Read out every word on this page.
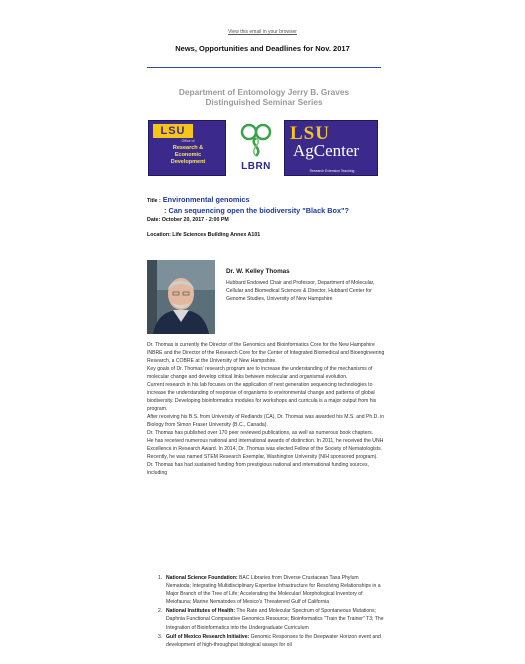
View this email in your browser
News, Opportunities and Deadlines for Nov. 2017
Department of Entomology Jerry B. Graves
Distinguished Seminar Series
LSU
Office of
Research &
Economic
Development	LBRN
LSU
AgCenter
Research Extension Teaching
Title : Environmental genomics
: Can sequencing open the biodiversity "Black Box"?
Date: October 20, 2017 - 2:00 PM
Location: Life Sciences Building Annex A101
Dr. W. Kelley Thomas
Hubbard Endowed Chair and Professor, Department of Molecular, Cellular and Biomedical Sciences & Director, Hubbard Center for Genome Studies, University of New Hampshire

Dr. Thomas is currently the Director of the Genomics and Bioinformatics Core for the New Hampshire INBRE and the Director of the Research Core for the Center of Integrated Biomedical and Bioengineering Research, a COBRE at the University of New Hampshire.

Key goals of Dr. Thomas' research program are to increase the understanding of the mechanisms of molecular change and develop critical links between molecular and organismal evolution.

Current research in his lab focuses on the application of next generation sequencing technologies to increase the understanding of response of organisms to environmental change and patterns of global biodiversity. Developing bioinformatics modules for workshops and curricula is a major output from his program.

After receiving his B.S. from University of Redlands (CA), Dr. Thomas was awarded his M.S. and Ph.D. in Biology from Simon Fraser University (B.C., Canada).

Dr. Thomas has published over 170 peer reviewed publications, as well as numerous book chapters.

He has received numerous national and international awards of distinction. In 2011, he received the UNH Excellence in Research Award. In 2014, Dr. Thomas was elected Fellow of the Society of Nematologists. Recently, he was named STEM Research Exemplar, Washington University (NIH sponsored program).

Dr. Thomas has had sustained funding from prestigious national and international funding sources, including

1. National Science Foundation: BAC Libraries from Diverse Crustacean Taxa Phylum Nematoda; Integrating Multidisciplinary Expertise Infrastructure for Resolving Relationships in a Major Branch of the Tree of Life; Accelerating the Molecular/ Morphological Inventory of Meiofauna; Marine Nematodes of Mexico's Threatened Gulf of California
2. National Institutes of Health: The Rate and Molecular Spectrum of Spontaneous Mutations; Daphnia Functional Comparative Genomics Resource; Bioinformatics "Train the Trainer" T3; The Integration of Bioinformatics into the Undergraduate Curriculum
3. Gulf of Mexico Research Initiative: Genomic Responses to the Deepwater Horizon event and development of high-throughput biological assays for oil
